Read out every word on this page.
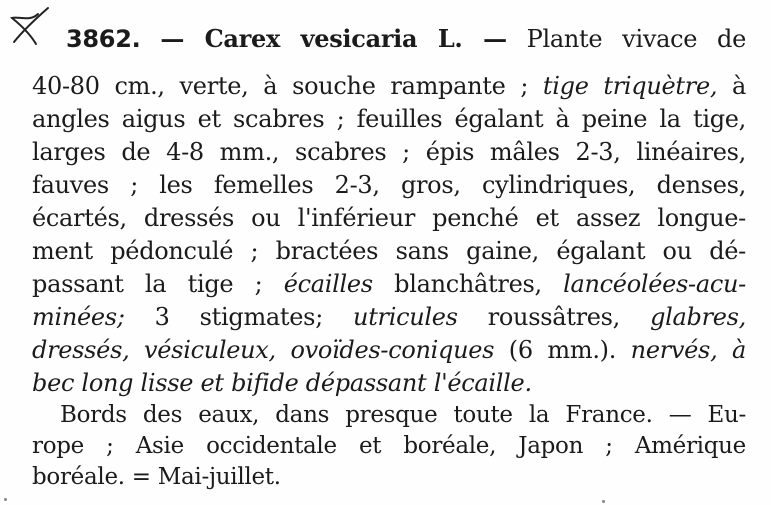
3862. — Carex vesicaria L. — Plante vivace de
40-80 cm., verte, à souche rampante ; tige triquètre, à
angles aigus et scabres ; feuilles égalant à peine la tige,
larges de 4-8 mm., scabres ; épis mâles 2-3, linéaires,
fauves ; les femelles 2-3, gros, cylindriques, denses,
écartés, dressés ou l'inférieur penché et assez longue-
ment pédonculé ; bractées sans gaine, égalant ou dé-
passant la tige ; écailles blanchâtres, lancéolées-acu-
minées; 3 stigmates; utricules roussâtres, glabres,
dressés, vésiculeux, ovoïdes-coniques (6 mm.). nervés, à
bec long lisse et bifide dépassant l'écaille.
Bords des eaux, dans presque toute la France. — Eu-
rope ; Asie occidentale et boréale, Japon ; Amérique
boréale. = Mai-juillet.
